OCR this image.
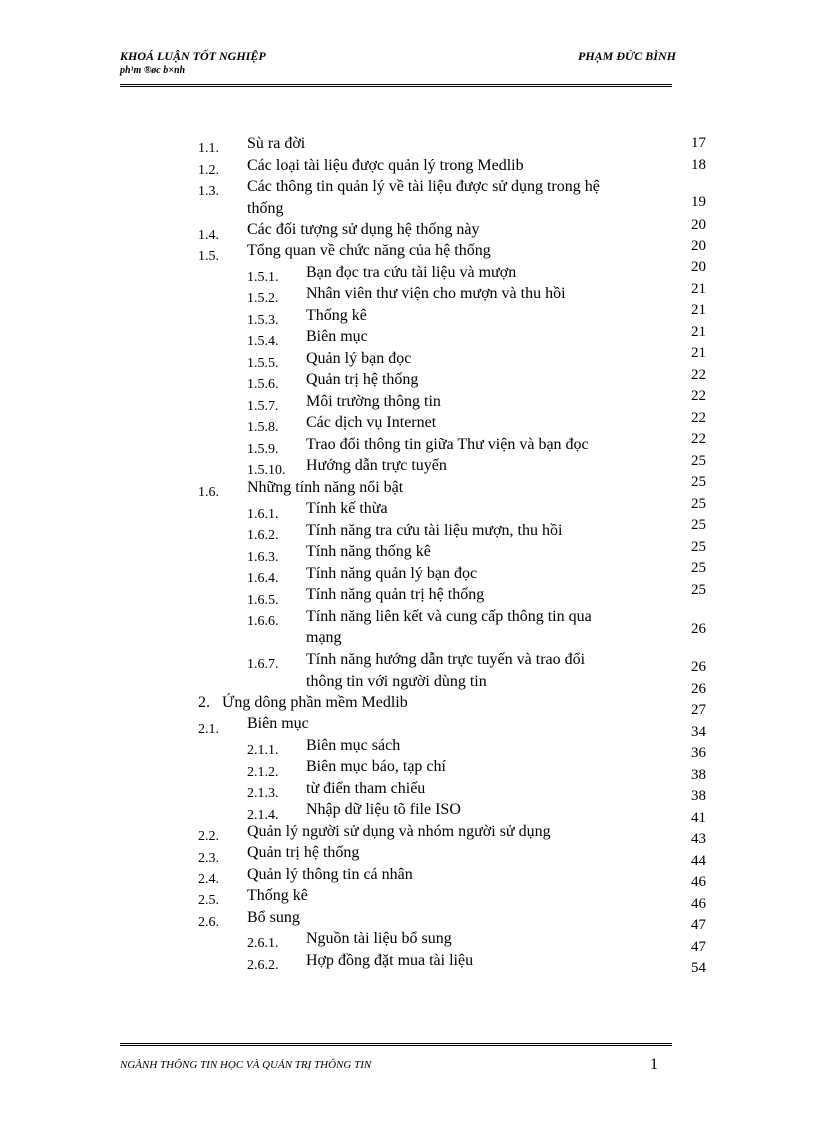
KHOÁ LUẬN TỐT NGHIỆP
ph¹m ®øc b×nh
PHẠM ĐỨC BÌNH
1.1. Sù ra đời
1.2. Các loại tài liệu được quản lý trong Medlib
1.3. Các thông tin quản lý về tài liệu được sử dụng trong hệ
thống
1.4. Các đối tượng sử dụng hệ thống này
1.5. Tổng quan về chức năng của hệ thống
1.5.1. Bạn đọc tra cứu tài liệu và mượn
1.5.2. Nhân viên thư viện cho mượn và thu hồi
1.5.3. Thống kê
1.5.4. Biên mục
1.5.5. Quản lý bạn đọc
1.5.6. Quản trị hệ thống
1.5.7. Môi trường thông tin
1.5.8. Các dịch vụ Internet
1.5.9. Trao đổi thông tin giữa Thư viện và bạn đọc
1.5.10. Hướng dẫn trực tuyến
1.6. Những tính năng nổi bật
1.6.1. Tính kế thừa
1.6.2. Tính năng tra cứu tài liệu mượn, thu hồi
1.6.3. Tính năng thống kê
1.6.4. Tính năng quản lý bạn đọc
1.6.5. Tính năng quản trị hệ thống
1.6.6. Tính năng liên kết và cung cấp thông tin qua
mạng
1.6.7. Tính năng hướng dẫn trực tuyến và trao đổi
thông tin với người dùng tin
2. Ứng dông phần mềm Medlib
2.1. Biên mục
2.1.1. Biên mục sách
2.1.2. Biên mục báo, tạp chí
2.1.3. từ điển tham chiếu
2.1.4. Nhập dữ liệu tõ file ISO
2.2. Quản lý người sử dụng và nhóm người sử dụng
2.3. Quản trị hệ thống
2.4. Quản lý thông tin cá nhân
2.5. Thống kê
2.6. Bổ sung
2.6.1. Nguồn tài liệu bổ sung
2.6.2. Hợp đồng đặt mua tài liệu
17
18
19
20
20
20
21
21
21
21
22
22
22
22
25
25
25
25
25
25
25
26
26
26
27
34
36
38
38
41
43
44
46
46
47
47
54
NGÀNH THÔNG TIN HỌC VÀ QUẢN TRỊ THÔNG TIN	1
